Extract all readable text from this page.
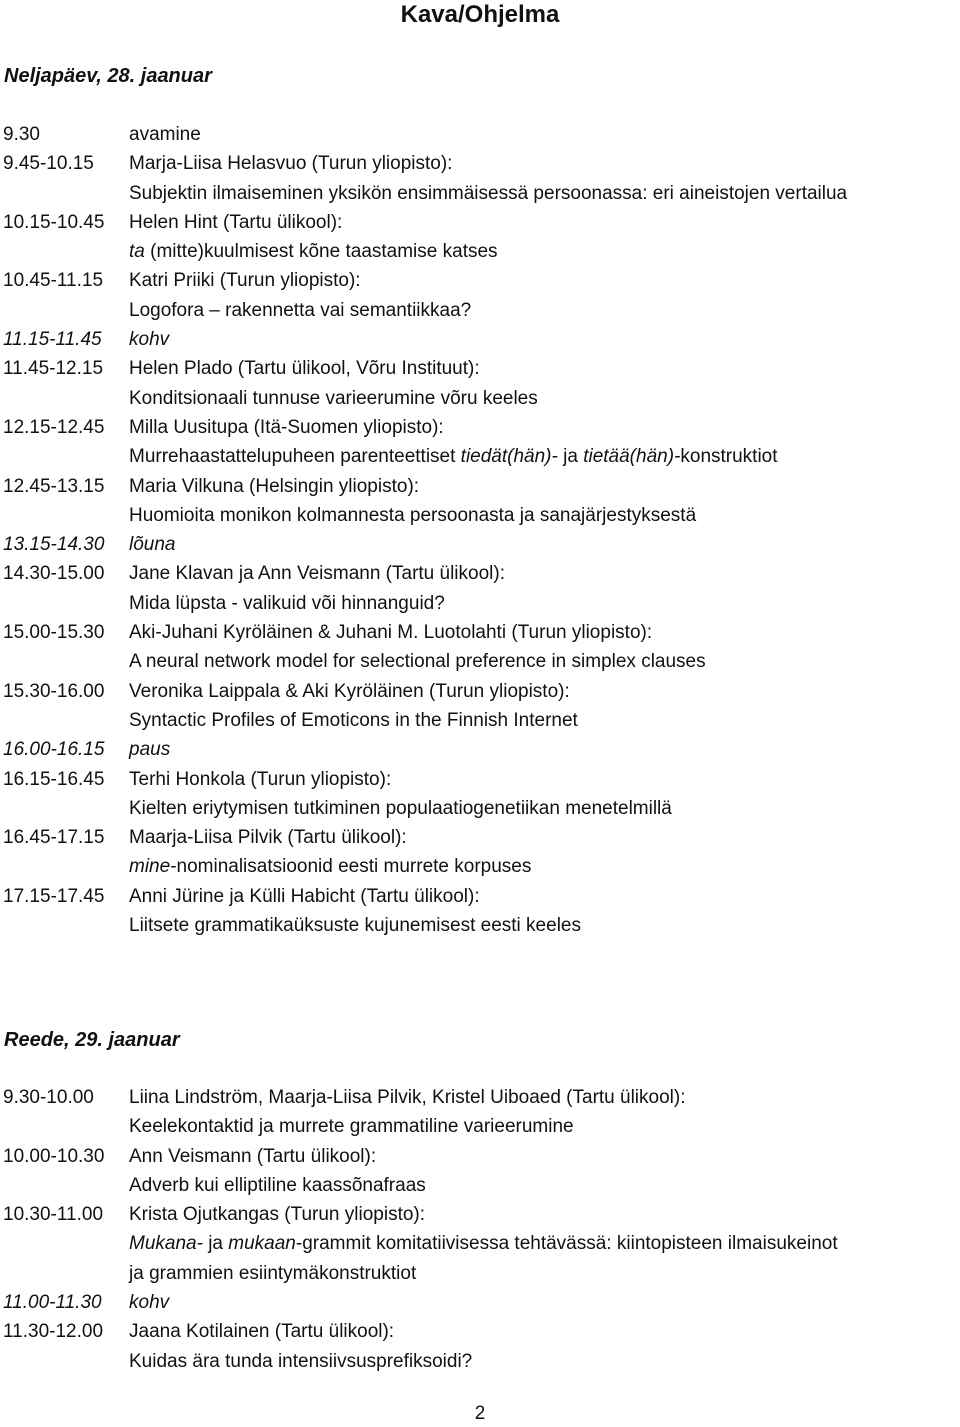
Kava/Ohjelma
Neljapäev, 28. jaanuar
9.30	avamine
9.45-10.15 Marja-Liisa Helasvuo (Turun yliopisto):
Subjektin ilmaiseminen yksikön ensimmäisessä persoonassa: eri aineistojen vertailua
10.15-10.45 Helen Hint (Tartu ülikool):
ta (mitte)kuulmisest kõne taastamise katses
10.45-11.15 Katri Priiki (Turun yliopisto):
Logofora – rakennetta vai semantiikkaa?
11.15-11.45 kohv
11.45-12.15 Helen Plado (Tartu ülikool, Võru Instituut):
Konditsionaali tunnuse varieerumine võru keeles
12.15-12.45 Milla Uusitupa (Itä-Suomen yliopisto):
Murrehaastattelupuheen parenteettiset tiedät(hän)- ja tietää(hän)-konstruktiot
12.45-13.15 Maria Vilkuna (Helsingin yliopisto):
Huomioita monikon kolmannesta persoonasta ja sanajärjestyksestä
13.15-14.30 lõuna
14.30-15.00 Jane Klavan ja Ann Veismann (Tartu ülikool):
Mida lüpsta - valikuid või hinnanguid?
15.00-15.30 Aki-Juhani Kyröläinen & Juhani M. Luotolahti (Turun yliopisto):
A neural network model for selectional preference in simplex clauses
15.30-16.00 Veronika Laippala & Aki Kyröläinen (Turun yliopisto):
Syntactic Profiles of Emoticons in the Finnish Internet
16.00-16.15 paus
16.15-16.45 Terhi Honkola (Turun yliopisto):
Kielten eriytymisen tutkiminen populaatiogenetiikan menetelmillä
16.45-17.15 Maarja-Liisa Pilvik (Tartu ülikool):
mine-nominalisatsioonid eesti murrete korpuses
17.15-17.45 Anni Jürine ja Külli Habicht (Tartu ülikool):
Liitsete grammatikaüksuste kujunemisest eesti keeles
Reede, 29. jaanuar
9.30-10.00 Liina Lindström, Maarja-Liisa Pilvik, Kristel Uiboaed (Tartu ülikool):
Keelekontaktid ja murrete grammatiline varieerumine
10.00-10.30 Ann Veismann (Tartu ülikool):
Adverb kui elliptiline kaassõnafraas
10.30-11.00 Krista Ojutkangas (Turun yliopisto):
Mukana- ja mukaan-grammit komitatiivisessa tehtävässä: kiintopisteen ilmaisukeinot
ja grammien esiintymäkonstruktiot
11.00-11.30 kohv
11.30-12.00 Jaana Kotilainen (Tartu ülikool):
Kuidas ära tunda intensiivsusprefiksoidi?
2
